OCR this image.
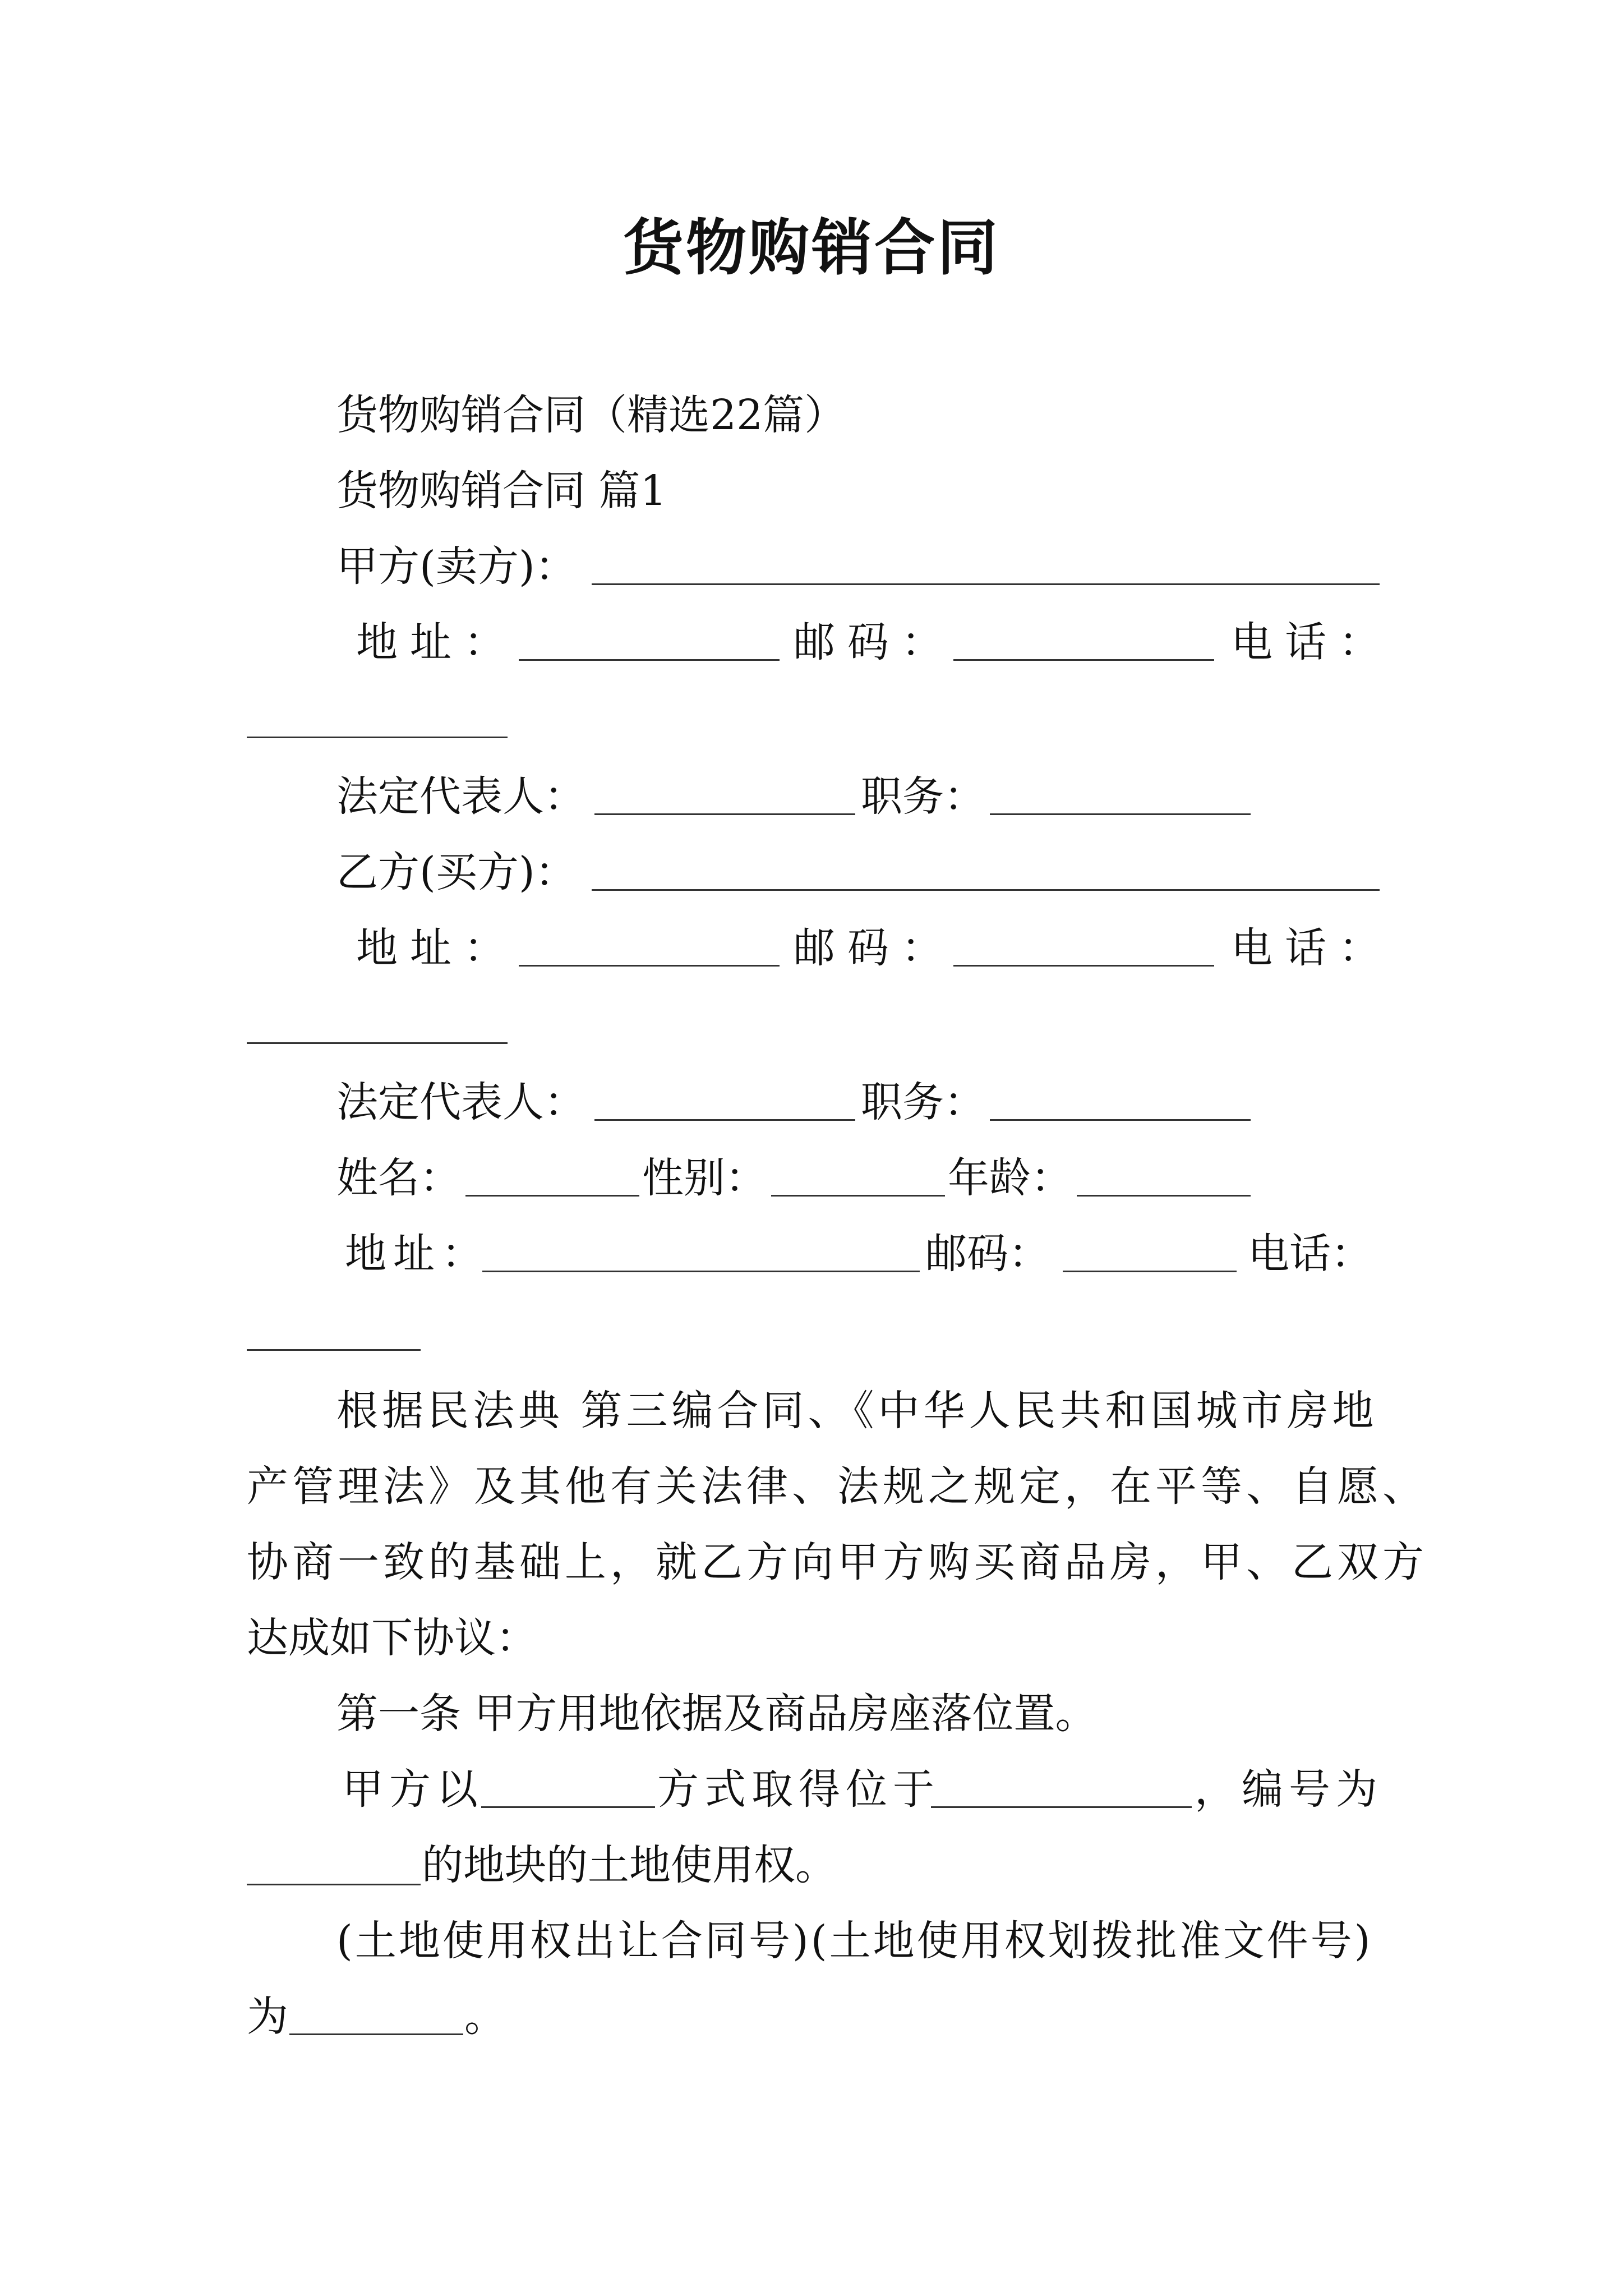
货物购销合同
货物购销合同（精选22篇）
货物购销合同 篇1
甲方(卖方)：
地址：	邮码：	电话：
法定代表人：	职务：
乙方(买方)：
地址：	邮码：	电话：
法定代表人：	职务：
姓名：	性别：	年龄：
地址：	邮码：	电话：
根据民法典 第三编合同、《中华人民共和国城市房地
产管理法》及其他有关法律、法规之规定，在平等、自愿、
协商一致的基础上，就乙方向甲方购买商品房，甲、乙双方
达成如下协议：
第一条 甲方用地依据及商品房座落位置。
甲方以	方式取得位于	，编号为
的地块的土地使用权。
(土地使用权出让合同号)(土地使用权划拨批准文件号)
为	。
